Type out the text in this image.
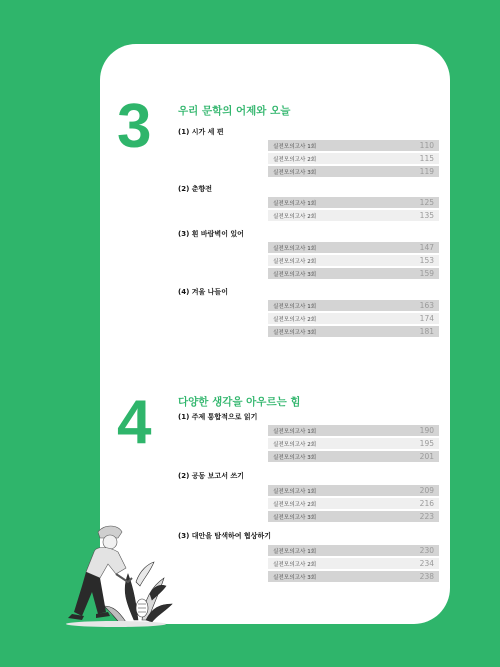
3	우리 문학의 어제와 오늘
(1) 시가 세 편
실전모의고사 1회	110
실전모의고사 2회	115
실전모의고사 3회	119
(2) 춘향전
실전모의고사 1회	125
실전모의고사 2회	135
(3) 흰 바람벽이 있어
실전모의고사 1회	147
실전모의고사 2회	153
실전모의고사 3회	159
(4) 겨울 나들이
실전모의고사 1회	163
실전모의고사 2회	174
실전모의고사 3회	181
4	다양한 생각을 아우르는 힘
(1) 주제 통합적으로 읽기
실전모의고사 1회	190
실전모의고사 2회	195
실전모의고사 3회	201
(2) 공동 보고서 쓰기
실전모의고사 1회	209
실전모의고사 2회	216
실전모의고사 3회	223
(3) 대안을 탐색하여 협상하기
실전모의고사 1회	230
실전모의고사 2회	234
실전모의고사 3회	238
